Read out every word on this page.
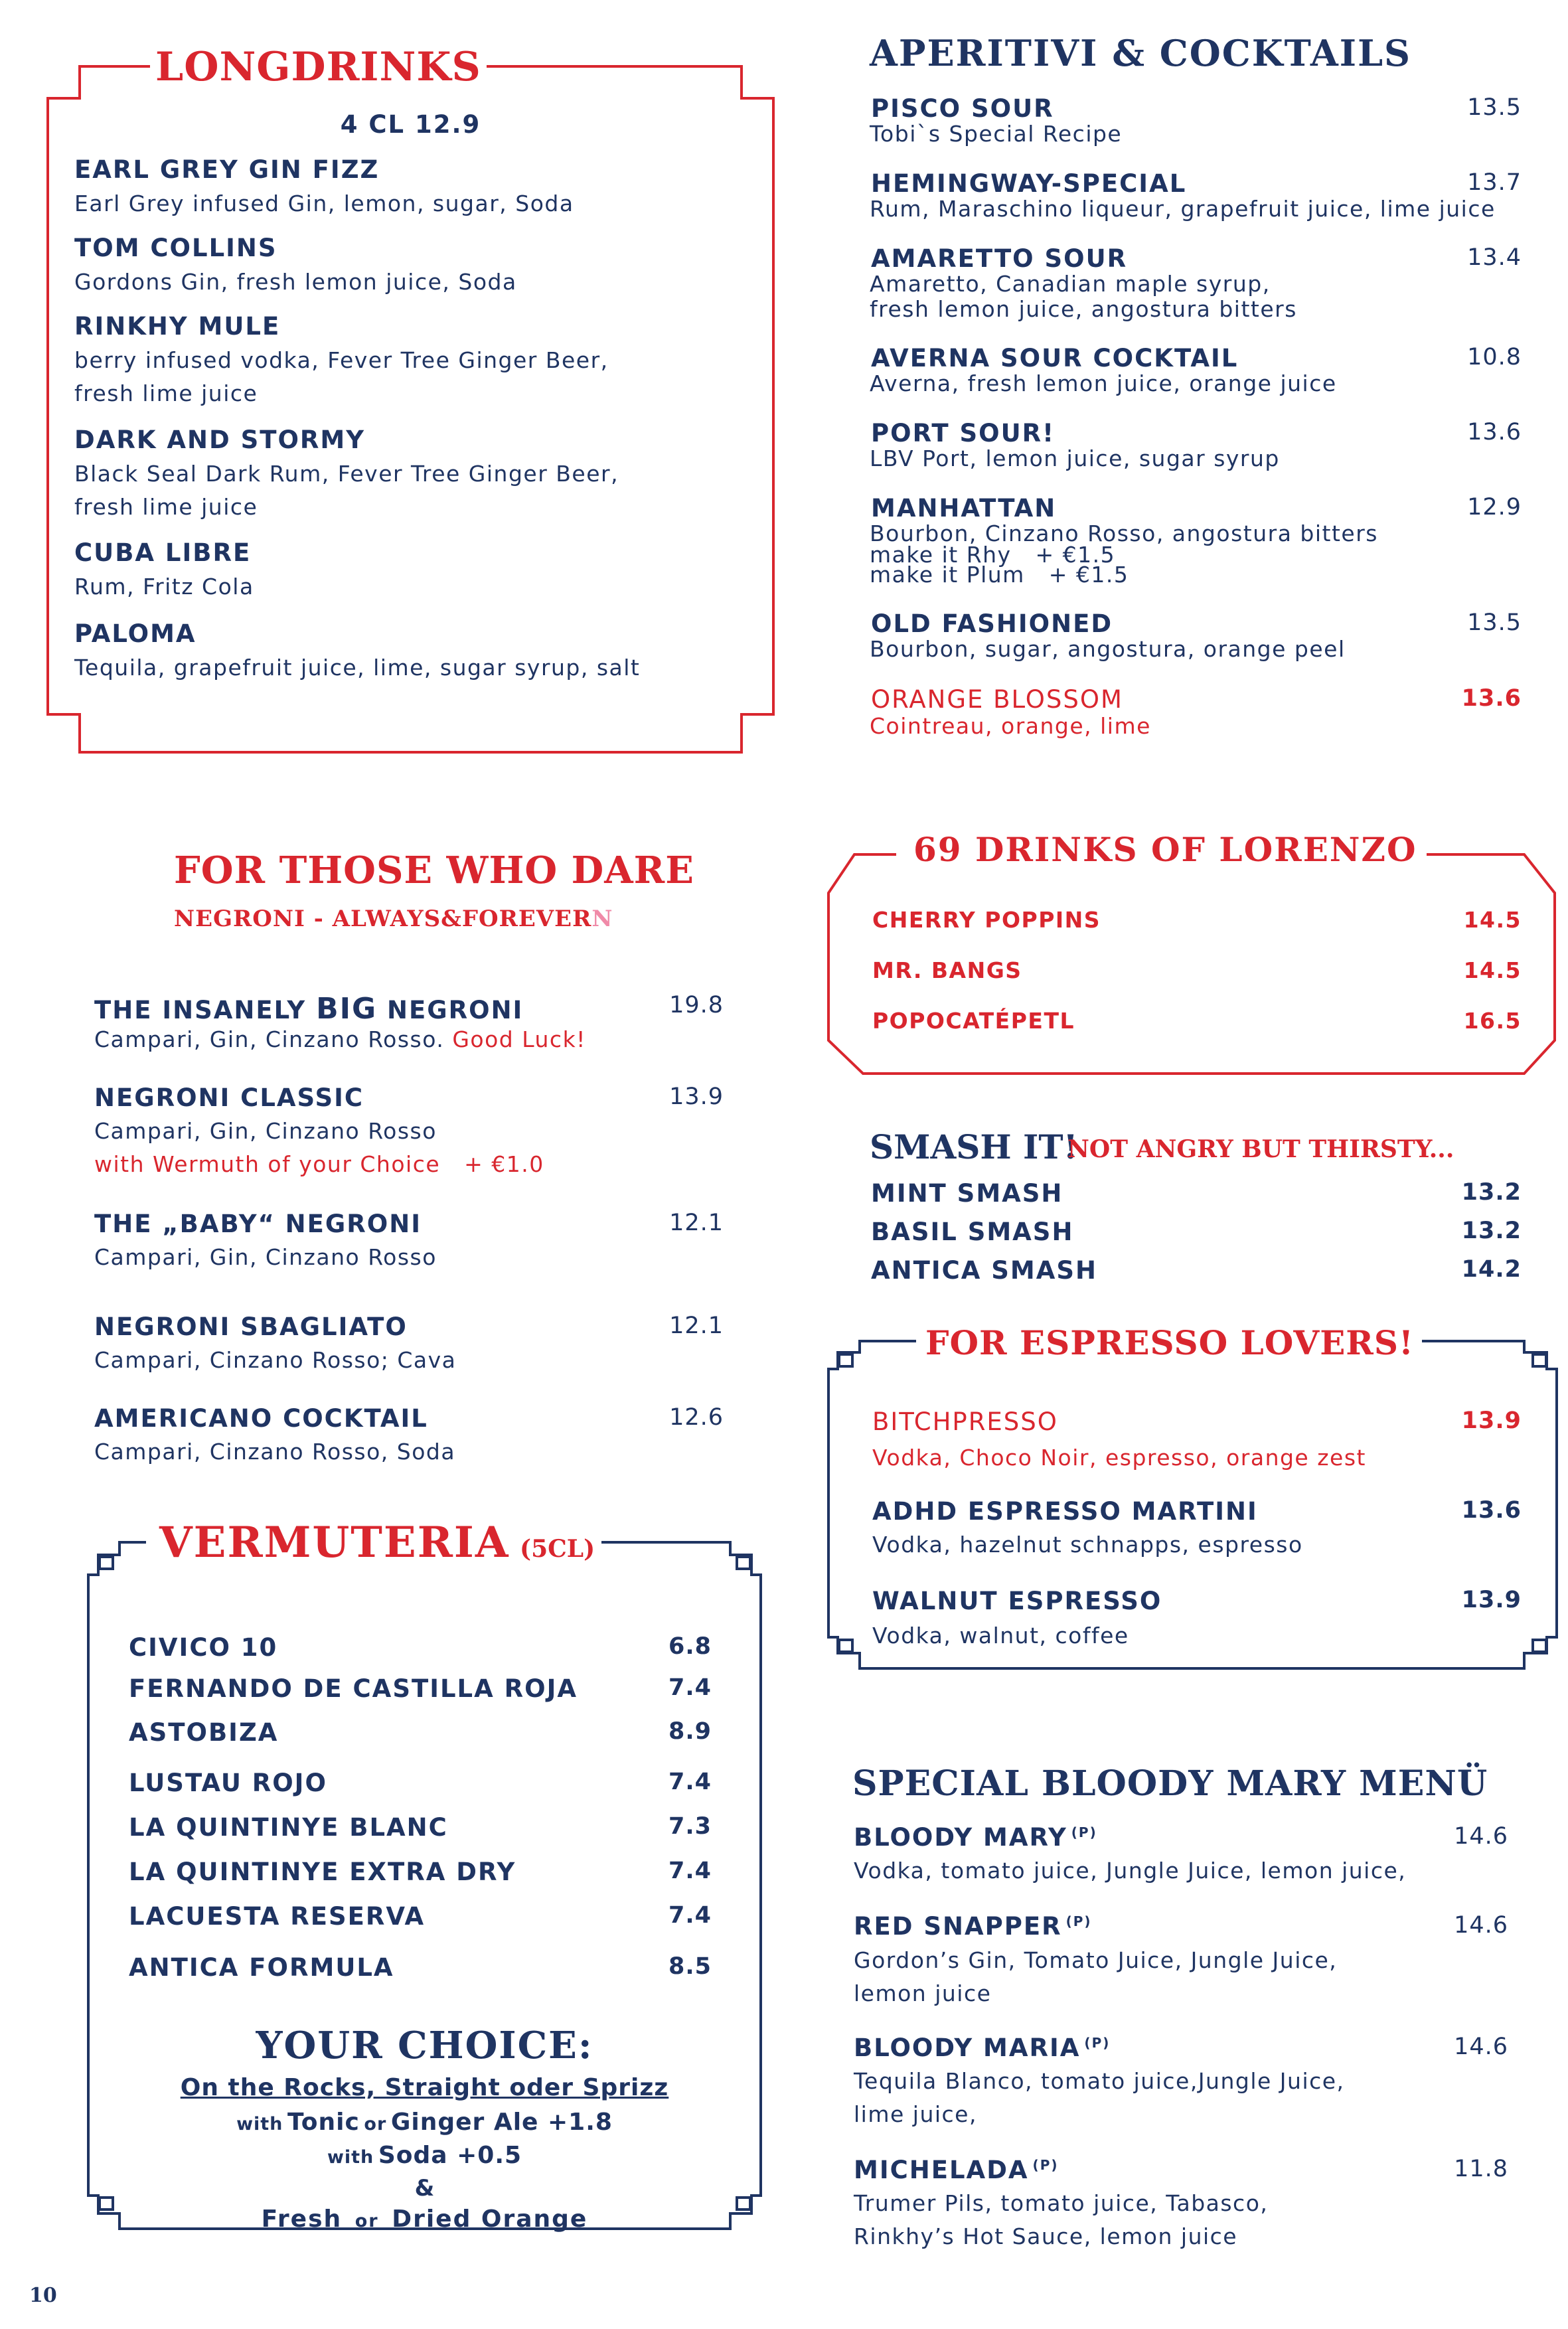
LONGDRINKS
4 CL 12.9
EARL GREY GIN FIZZ
Earl Grey infused Gin, lemon, sugar, Soda
TOM COLLINS
Gordons Gin, fresh lemon juice, Soda
RINKHY MULE
berry infused vodka, Fever Tree Ginger Beer,
fresh lime juice
DARK AND STORMY
Black Seal Dark Rum, Fever Tree Ginger Beer,
fresh lime juice
CUBA LIBRE
Rum, Fritz Cola
PALOMA
Tequila, grapefruit juice, lime, sugar syrup, salt
APERITIVI & COCKTAILS
PISCO SOUR	13.5
Tobi`s Special Recipe
HEMINGWAY-SPECIAL	13.7
Rum, Maraschino liqueur, grapefruit juice, lime juice
AMARETTO SOUR	13.4
Amaretto, Canadian maple syrup,
fresh lemon juice, angostura bitters
AVERNA SOUR COCKTAIL	10.8
Averna, fresh lemon juice, orange juice
PORT SOUR!	13.6
LBV Port, lemon juice, sugar syrup
MANHATTAN	12.9
Bourbon, Cinzano Rosso, angostura bitters
make it Rhy   + €1.5
make it Plum   + €1.5
OLD FASHIONED	13.5
Bourbon, sugar, angostura, orange peel
ORANGE BLOSSOM	13.6
Cointreau, orange, lime
FOR THOSE WHO DARE
NEGRONI - ALWAYS&FOREVERN
THE INSANELY BIG NEGRONI	19.8
Campari, Gin, Cinzano Rosso. Good Luck!
NEGRONI CLASSIC	13.9
Campari, Gin, Cinzano Rosso
with Wermuth of your Choice   + €1.0
THE „BABY“ NEGRONI	12.1
Campari, Gin, Cinzano Rosso
NEGRONI SBAGLIATO	12.1
Campari, Cinzano Rosso; Cava
AMERICANO COCKTAIL	12.6
Campari, Cinzano Rosso, Soda
69 DRINKS OF LORENZO
CHERRY POPPINS	14.5
MR. BANGS	14.5
POPOCATÉPETL	16.5
SMASH IT!
NOT ANGRY BUT THIRSTY...
MINT SMASH	13.2
BASIL SMASH	13.2
ANTICA SMASH	14.2
FOR ESPRESSO LOVERS!
BITCHPRESSO	13.9
Vodka, Choco Noir, espresso, orange zest
ADHD ESPRESSO MARTINI	13.6
Vodka, hazelnut schnapps, espresso
WALNUT ESPRESSO	13.9
Vodka, walnut, coffee
VERMUTERIA (5CL)
CIVICO 10	6.8
FERNANDO DE CASTILLA ROJA	7.4
ASTOBIZA	8.9
LUSTAU ROJO	7.4
LA QUINTINYE BLANC	7.3
LA QUINTINYE EXTRA DRY	7.4
LACUESTA RESERVA	7.4
ANTICA FORMULA	8.5
YOUR CHOICE:
On the Rocks, Straight oder Sprizz
with Tonic or Ginger Ale +1.8
with Soda +0.5
&
Fresh or Dried Orange
SPECIAL BLOODY MARY MENÜ
BLOODY MARY $^{(P)}$	14.6
Vodka, tomato juice, Jungle Juice, lemon juice,
RED SNAPPER $^{(P)}$	14.6
Gordon’s Gin, Tomato Juice, Jungle Juice,
lemon juice
BLOODY MARIA $^{(P)}$	14.6
Tequila Blanco, tomato juice,Jungle Juice,
lime juice,
MICHELADA $^{(P)}$	11.8
Trumer Pils, tomato juice, Tabasco,
Rinkhy’s Hot Sauce, lemon juice
10
